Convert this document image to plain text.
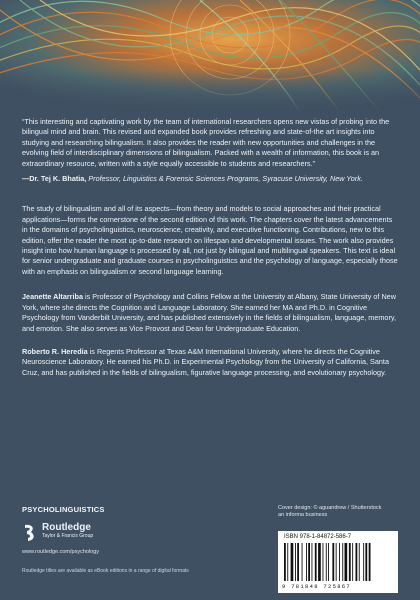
“This interesting and captivating work by the team of international researchers opens new vistas of probing into the bilingual mind and brain. This revised and expanded book provides refreshing and state-of-the art insights into studying and researching bilingualism. It also provides the reader with new opportunities and challenges in the evolving field of interdisciplinary dimensions of bilingualism. Packed with a wealth of information, this book is an extraordinary resource, written with a style equally accessible to students and researchers.”

—Dr. Tej K. Bhatia, Professor, Linguistics & Forensic Sciences Programs, Syracuse University, New York.

The study of bilingualism and all of its aspects—from theory and models to social approaches and their practical applications—forms the cornerstone of the second edition of this work. The chapters cover the latest advancements in the domains of psycholinguistics, neuroscience, creativity, and executive functioning. Contributions, new to this edition, offer the reader the most up-to-date research on lifespan and developmental issues. The work also provides insight into how human language is processed by all, not just by bilingual and multilingual speakers. This text is ideal for senior undergraduate and graduate courses in psycholinguistics and the psychology of language, especially those with an emphasis on bilingualism or second language learning.

Jeanette Altarriba is Professor of Psychology and Collins Fellow at the University at Albany, State University of New York, where she directs the Cognition and Language Laboratory. She earned her MA and Ph.D. in Cognitive Psychology from Vanderbilt University, and has published extensively in the fields of bilingualism, language, memory, and emotion. She also serves as Vice Provost and Dean for Undergraduate Education.

Roberto R. Heredia is Regents Professor at Texas A&M International University, where he directs the Cognitive Neuroscience Laboratory. He earned his Ph.D. in Experimental Psychology from the University of California, Santa Cruz, and has published in the fields of bilingualism, figurative language processing, and evolutionary psychology.

PSYCHOLINGUISTICS
Routledge
Taylor & Francis Group
www.routledge.com/psychology
Routledge titles are available as eBook editions in a range of digital formats
Cover design: © aguandrew / Shutterstock
an informa business
ISBN 978-1-84872-586-7
9 781848 725867
